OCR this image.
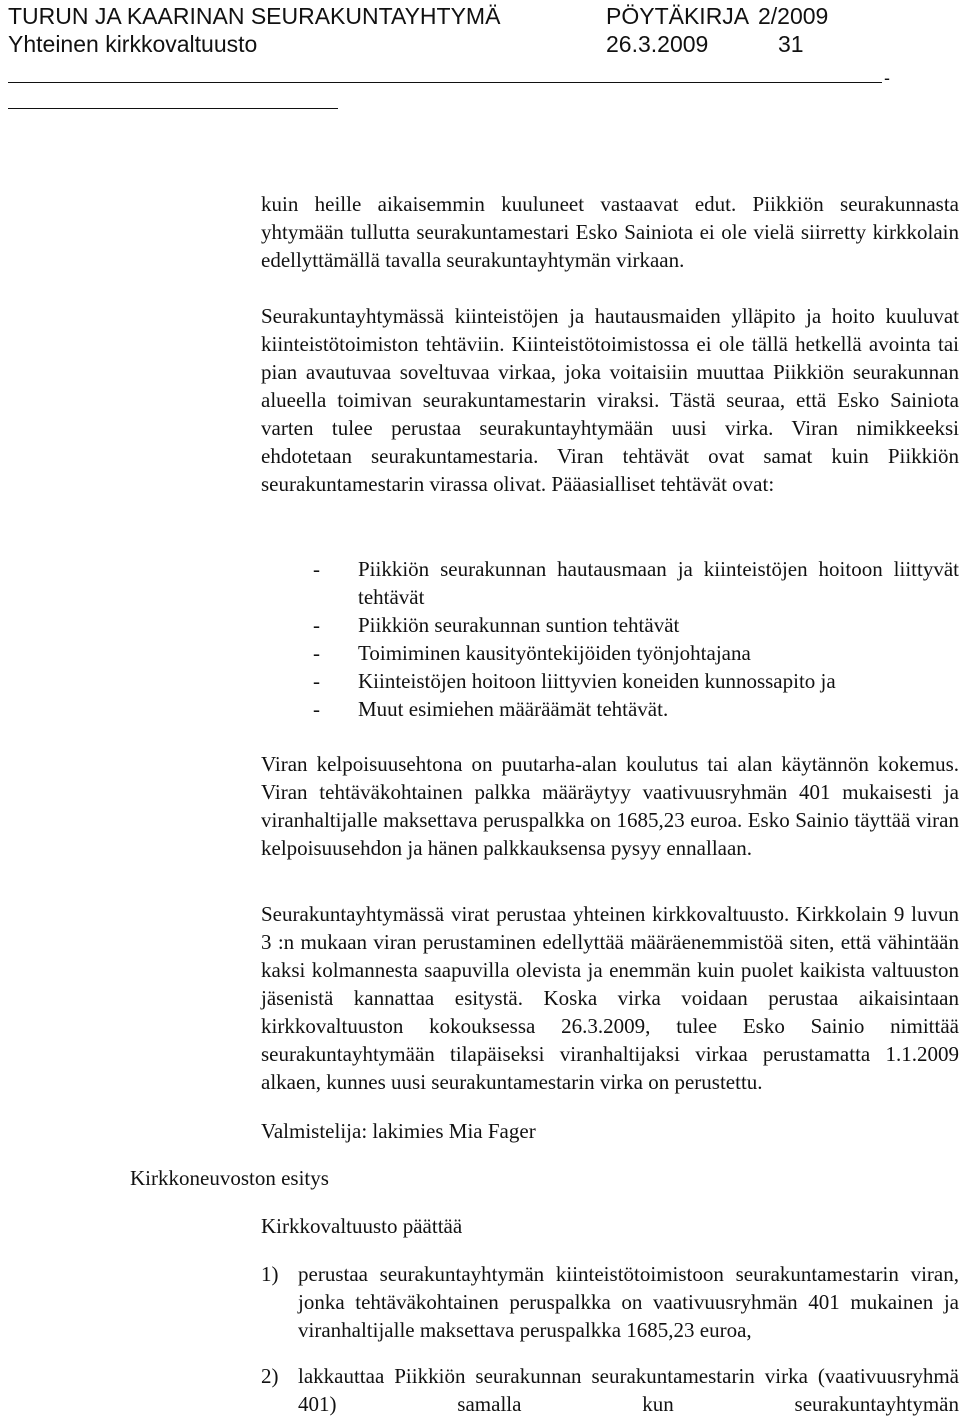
TURUN JA KAARINAN SEURAKUNTAYHTYMÄ	PÖYTÄKIRJA 2/2009
Yhteinen kirkkovaltuusto	26.3.2009	31
-

kuin heille aikaisemmin kuuluneet vastaavat edut. Piikkiön seurakunnasta yhtymään tullutta seurakuntamestari Esko Sainiota ei ole vielä siirretty kirkkolain edellyttämällä tavalla seurakuntayhtymän virkaan.

Seurakuntayhtymässä kiinteistöjen ja hautausmaiden ylläpito ja hoito kuuluvat kiinteistötoimiston tehtäviin. Kiinteistötoimistossa ei ole tällä hetkellä avointa tai pian avautuvaa soveltuvaa virkaa, joka voitaisiin muuttaa Piikkiön seurakunnan alueella toimivan seurakuntamestarin viraksi. Tästä seuraa, että Esko Sainiota varten tulee perustaa seurakuntayhtymään uusi virka. Viran nimikkeeksi ehdotetaan seurakuntamestaria. Viran tehtävät ovat samat kuin Piikkiön seurakuntamestarin virassa olivat. Pääasialliset tehtävät ovat:

- Piikkiön seurakunnan hautausmaan ja kiinteistöjen hoitoon liittyvät tehtävät
- Piikkiön seurakunnan suntion tehtävät
- Toimiminen kausityöntekijöiden työnjohtajana
- Kiinteistöjen hoitoon liittyvien koneiden kunnossapito ja
- Muut esimiehen määräämät tehtävät.

Viran kelpoisuusehtona on puutarha-alan koulutus tai alan käytännön kokemus. Viran tehtäväkohtainen palkka määräytyy vaativuusryhmän 401 mukaisesti ja viranhaltijalle maksettava peruspalkka on 1685,23 euroa. Esko Sainio täyttää viran kelpoisuusehdon ja hänen palkkauksensa pysyy ennallaan.

Seurakuntayhtymässä virat perustaa yhteinen kirkkovaltuusto. Kirkkolain 9 luvun 3 :n mukaan viran perustaminen edellyttää määräenemmistöä siten, että vähintään kaksi kolmannesta saapuvilla olevista ja enemmän kuin puolet kaikista valtuuston jäsenistä kannattaa esitystä. Koska virka voidaan perustaa aikaisintaan kirkkovaltuuston kokouksessa 26.3.2009, tulee Esko Sainio nimittää seurakuntayhtymään tilapäiseksi viranhaltijaksi virkaa perustamatta 1.1.2009 alkaen, kunnes uusi seurakuntamestarin virka on perustettu.

Valmistelija: lakimies Mia Fager

Kirkkoneuvoston esitys

Kirkkovaltuusto päättää

1) perustaa seurakuntayhtymän kiinteistötoimistoon seurakuntamestarin viran, jonka tehtäväkohtainen peruspalkka on vaativuusryhmän 401 mukainen ja viranhaltijalle maksettava peruspalkka 1685,23 euroa,
2) lakkauttaa Piikkiön seurakunnan seurakuntamestarin virka (vaativuusryhmä 401) samalla kun seurakuntayhtymän
